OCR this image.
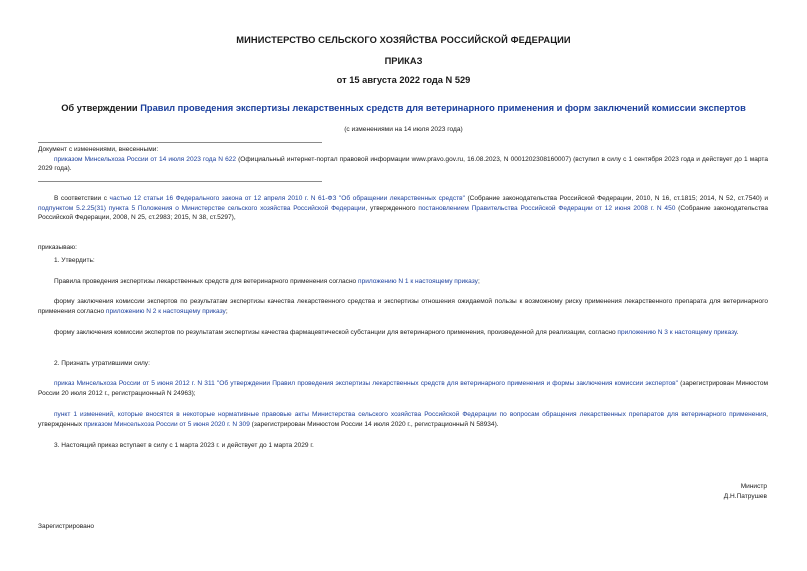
МИНИСТЕРСТВО СЕЛЬСКОГО ХОЗЯЙСТВА РОССИЙСКОЙ ФЕДЕРАЦИИ
ПРИКАЗ
от 15 августа 2022 года N 529
Об утверждении Правил проведения экспертизы лекарственных средств для ветеринарного применения и форм заключений комиссии экспертов
(с изменениями на 14 июля 2023 года)
Документ с изменениями, внесенными:
приказом Минсельхоза России от 14 июля 2023 года N 622 (Официальный интернет-портал правовой информации www.pravo.gov.ru, 16.08.2023, N 0001202308160007) (вступил в силу с 1 сентября 2023 года и действует до 1 марта 2029 года).
В соответствии с частью 12 статьи 16 Федерального закона от 12 апреля 2010 г. N 61-ФЗ "Об обращении лекарственных средств" (Собрание законодательства Российской Федерации, 2010, N 16, ст.1815; 2014, N 52, ст.7540) и подпунктом 5.2.25(31) пункта 5 Положения о Министерстве сельского хозяйства Российской Федерации, утвержденного постановлением Правительства Российской Федерации от 12 июня 2008 г. N 450 (Собрание законодательства Российской Федерации, 2008, N 25, ст.2983; 2015, N 38, ст.5297),
приказываю:
1. Утвердить:
Правила проведения экспертизы лекарственных средств для ветеринарного применения согласно приложению N 1 к настоящему приказу;
форму заключения комиссии экспертов по результатам экспертизы качества лекарственного средства и экспертизы отношения ожидаемой пользы к возможному риску применения лекарственного препарата для ветеринарного применения согласно приложению N 2 к настоящему приказу;
форму заключения комиссии экспертов по результатам экспертизы качества фармацевтической субстанции для ветеринарного применения, произведенной для реализации, согласно приложению N 3 к настоящему приказу.
2. Признать утратившими силу:
приказ Минсельхоза России от 5 июня 2012 г. N 311 "Об утверждении Правил проведения экспертизы лекарственных средств для ветеринарного применения и формы заключения комиссии экспертов" (зарегистрирован Минюстом России 20 июля 2012 г., регистрационный N 24963);
пункт 1 изменений, которые вносятся в некоторые нормативные правовые акты Министерства сельского хозяйства Российской Федерации по вопросам обращения лекарственных препаратов для ветеринарного применения, утвержденных приказом Минсельхоза России от 5 июня 2020 г. N 309 (зарегистрирован Минюстом России 14 июля 2020 г., регистрационный N 58934).
3. Настоящий приказ вступает в силу с 1 марта 2023 г. и действует до 1 марта 2029 г.
Министр
Д.Н.Патрушев
Зарегистрировано
